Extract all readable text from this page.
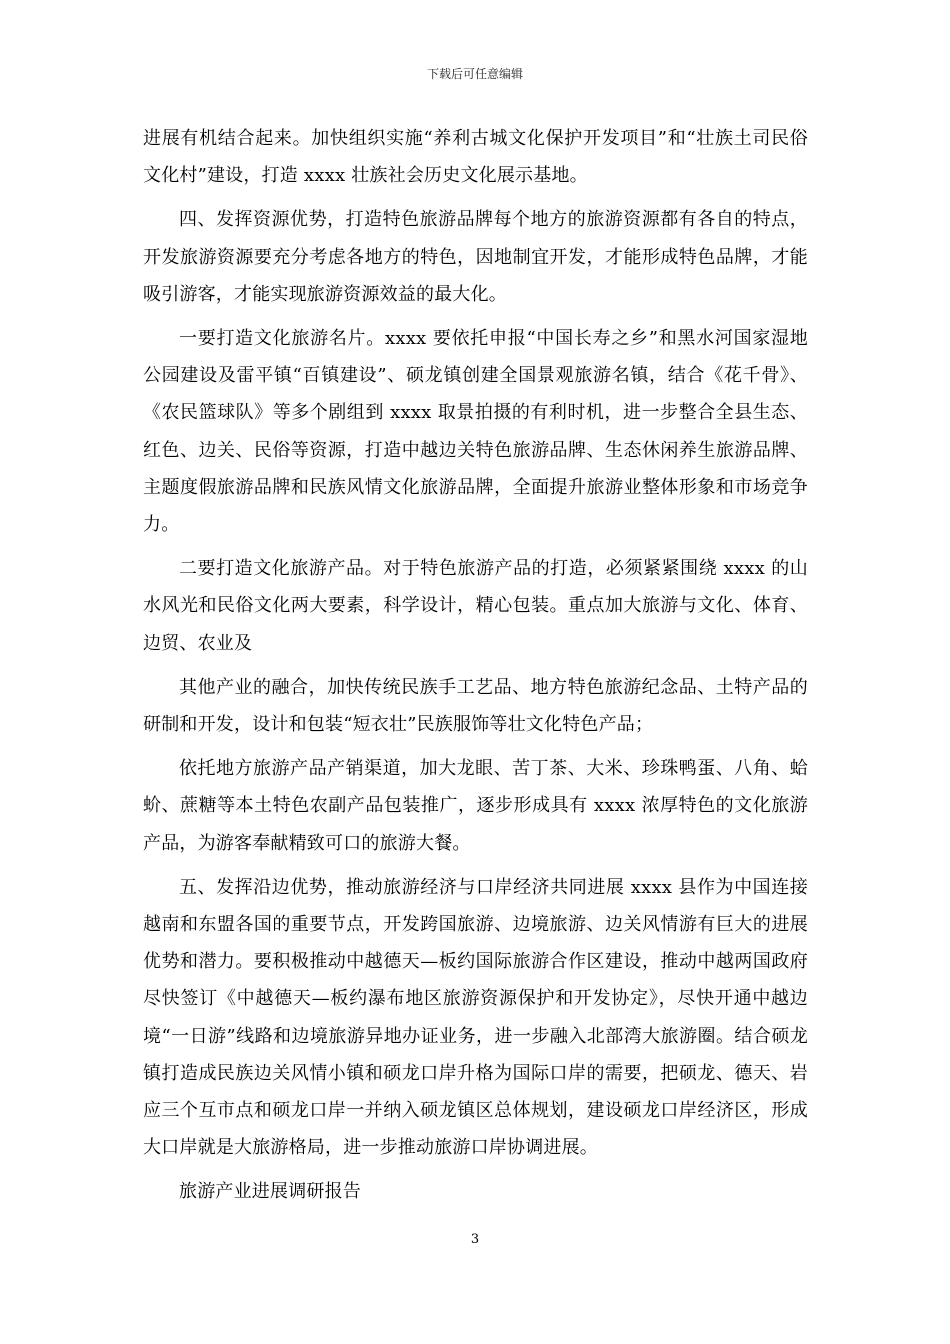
下载后可任意编辑

进展有机结合起来。加快组织实施“养利古城文化保护开发项目”和“壮族土司民俗文化村”建设，打造 xxxx 壮族社会历史文化展示基地。

四、发挥资源优势，打造特色旅游品牌每个地方的旅游资源都有各自的特点，开发旅游资源要充分考虑各地方的特色，因地制宜开发，才能形成特色品牌，才能吸引游客，才能实现旅游资源效益的最大化。

一要打造文化旅游名片。xxxx 要依托申报“中国长寿之乡”和黑水河国家湿地公园建设及雷平镇“百镇建设”、硕龙镇创建全国景观旅游名镇，结合《花千骨》、《农民篮球队》等多个剧组到 xxxx 取景拍摄的有利时机，进一步整合全县生态、红色、边关、民俗等资源，打造中越边关特色旅游品牌、生态休闲养生旅游品牌、主题度假旅游品牌和民族风情文化旅游品牌，全面提升旅游业整体形象和市场竞争力。

二要打造文化旅游产品。对于特色旅游产品的打造，必须紧紧围绕 xxxx 的山水风光和民俗文化两大要素，科学设计，精心包装。重点加大旅游与文化、体育、边贸、农业及

其他产业的融合，加快传统民族手工艺品、地方特色旅游纪念品、土特产品的研制和开发，设计和包装“短衣壮”民族服饰等壮文化特色产品；

依托地方旅游产品产销渠道，加大龙眼、苦丁茶、大米、珍珠鸭蛋、八角、蛤蚧、蔗糖等本土特色农副产品包装推广，逐步形成具有 xxxx 浓厚特色的文化旅游产品，为游客奉献精致可口的旅游大餐。

五、发挥沿边优势，推动旅游经济与口岸经济共同进展 xxxx 县作为中国连接越南和东盟各国的重要节点，开发跨国旅游、边境旅游、边关风情游有巨大的进展优势和潜力。要积极推动中越德天—板约国际旅游合作区建设，推动中越两国政府尽快签订《中越德天—板约瀑布地区旅游资源保护和开发协定》，尽快开通中越边境“一日游”线路和边境旅游异地办证业务，进一步融入北部湾大旅游圈。结合硕龙镇打造成民族边关风情小镇和硕龙口岸升格为国际口岸的需要，把硕龙、德天、岩应三个互市点和硕龙口岸一并纳入硕龙镇区总体规划，建设硕龙口岸经济区，形成大口岸就是大旅游格局，进一步推动旅游口岸协调进展。

旅游产业进展调研报告

3
